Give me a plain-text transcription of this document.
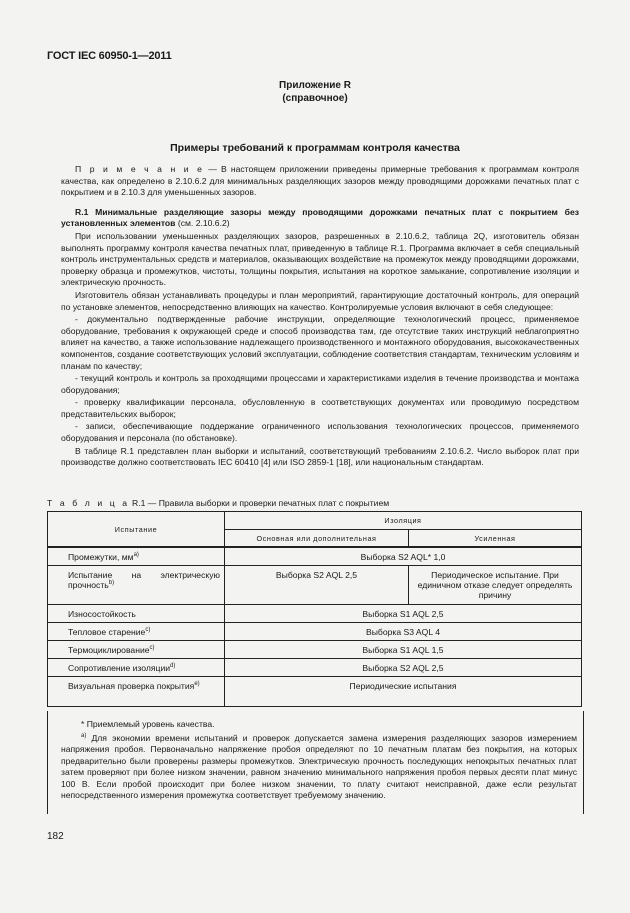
ГОСТ IEC 60950-1—2011
Приложение R
(справочное)
Примеры требований к программам контроля качества

П р и м е ч а н и е — В настоящем приложении приведены примерные требования к программам контроля качества, как определено в 2.10.6.2 для минимальных разделяющих зазоров между проводящими дорожками печатных плат с покрытием и в 2.10.3 для уменьшенных зазоров.

R.1 Минимальные разделяющие зазоры между проводящими дорожками печатных плат с покрытием без установленных элементов (см. 2.10.6.2)

При использовании уменьшенных разделяющих зазоров, разрешенных в 2.10.6.2, таблица 2Q, изготовитель обязан выполнять программу контроля качества печатных плат, приведенную в таблице R.1. Программа включает в себя специальный контроль инструментальных средств и материалов, оказывающих воздействие на промежуток между проводящими дорожками, проверку образца и промежутков, чистоты, толщины покрытия, испытания на короткое замыкание, сопротивление изоляции и электрическую прочность.

Изготовитель обязан устанавливать процедуры и план мероприятий, гарантирующие достаточный контроль, для операций по установке элементов, непосредственно влияющих на качество. Контролируемые условия включают в себя следующее:

- документально подтвержденные рабочие инструкции, определяющие технологический процесс, применяемое оборудование, требования к окружающей среде и способ производства там, где отсутствие таких инструкций неблагоприятно влияет на качество, а также использование надлежащего производственного и монтажного оборудования, высококачественных компонентов, создание соответствующих условий эксплуатации, соблюдение соответствия стандартам, техническим условиям и планам по качеству;

- текущий контроль и контроль за проходящими процессами и характеристиками изделия в течение производства и монтажа оборудования;

- проверку квалификации персонала, обусловленную в соответствующих документах или проводимую посредством представительских выборок;

- записи, обеспечивающие поддержание ограниченного использования технологических процессов, применяемого оборудования и персонала (по обстановке).

В таблице R.1 представлен план выборки и испытаний, соответствующий требованиям 2.10.6.2. Число выборок плат при производстве должно соответствовать IEC 60410 [4] или ISO 2859-1 [18], или национальным стандартам.

Т а б л и ц а R.1 — Правила выборки и проверки печатных плат с покрытием
Испытание	Изоляция	
	Основная или дополнительная	Усиленная
Промежутки, $мм^{a)}$	Выборка S2 AQL* 1,0	
Испытание на электрическую прочность$^{b)}$	Выборка S2 AQL 2,5	Периодическое испытание. При единичном отказе следует определять причину
Износостойкость	Выборка S1 AQL 2,5	
Тепловое старение$^{c)}$	Выборка S3 AQL 4	
Термоциклирование$^{c)}$	Выборка S1 AQL 1,5	
Сопротивление изоляции$^{d)}$	Выборка S2 AQL 2,5	
Визуальная проверка покрытия$^{e)}$	Периодические испытания	

* Приемлемый уровень качества.

$^{a)}$ Для экономии времени испытаний и проверок допускается замена измерения разделяющих зазоров измерением напряжения пробоя. Первоначально напряжение пробоя определяют по 10 печатным платам без покрытия, на которых предварительно были проверены размеры промежутков. Электрическую прочность последующих непокрытых печатных плат затем проверяют при более низком значении, равном значению минимального напряжения пробоя первых десяти плат минус 100 В. Если пробой происходит при более низком значении, то плату считают неисправной, даже если результат непосредственного измерения промежутка соответствует требуемому значению.

182
